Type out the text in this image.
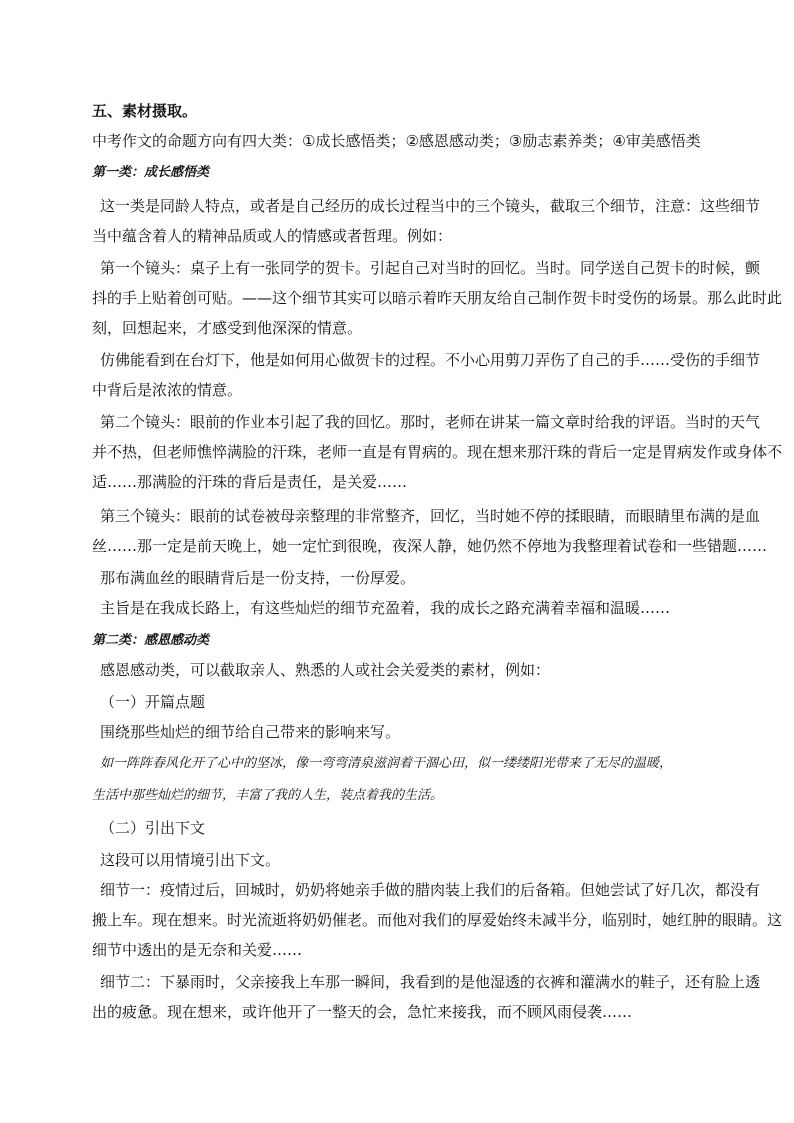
五、素材摄取。

中考作文的命题方向有四大类：①成长感悟类；②感恩感动类；③励志素养类；④审美感悟类

第一类：成长感悟类

这一类是同龄人特点，或者是自己经历的成长过程当中的三个镜头，截取三个细节，注意：这些细节

当中蕴含着人的精神品质或人的情感或者哲理。例如：

第一个镜头：桌子上有一张同学的贺卡。引起自己对当时的回忆。当时。同学送自己贺卡的时候，颤

抖的手上贴着创可贴。——这个细节其实可以暗示着昨天朋友给自己制作贺卡时受伤的场景。那么此时此

刻，回想起来，才感受到他深深的情意。

仿佛能看到在台灯下，他是如何用心做贺卡的过程。不小心用剪刀弄伤了自己的手……受伤的手细节

中背后是浓浓的情意。

第二个镜头：眼前的作业本引起了我的回忆。那时，老师在讲某一篇文章时给我的评语。当时的天气

并不热，但老师憔悴满脸的汗珠，老师一直是有胃病的。现在想来那汗珠的背后一定是胃病发作或身体不

适……那满脸的汗珠的背后是责任，是关爱……

第三个镜头：眼前的试卷被母亲整理的非常整齐，回忆，当时她不停的揉眼睛，而眼睛里布满的是血

丝……那一定是前天晚上，她一定忙到很晚，夜深人静，她仍然不停地为我整理着试卷和一些错题……

那布满血丝的眼睛背后是一份支持，一份厚爱。

主旨是在我成长路上，有这些灿烂的细节充盈着，我的成长之路充满着幸福和温暖……

第二类：感恩感动类

感恩感动类，可以截取亲人、熟悉的人或社会关爱类的素材，例如：

（一）开篇点题

围绕那些灿烂的细节给自己带来的影响来写。

如一阵阵春风化开了心中的坚冰，像一弯弯清泉滋润着干涸心田，似一缕缕阳光带来了无尽的温暖，

生活中那些灿烂的细节，丰富了我的人生，装点着我的生活。

（二）引出下文

这段可以用情境引出下文。

细节一：疫情过后，回城时，奶奶将她亲手做的腊肉装上我们的后备箱。但她尝试了好几次，都没有

搬上车。现在想来。时光流逝将奶奶催老。而他对我们的厚爱始终未减半分，临别时，她红肿的眼睛。这

细节中透出的是无奈和关爱……

细节二：下暴雨时，父亲接我上车那一瞬间，我看到的是他湿透的衣裤和灌满水的鞋子，还有脸上透

出的疲惫。现在想来，或许他开了一整天的会，急忙来接我，而不顾风雨侵袭……
